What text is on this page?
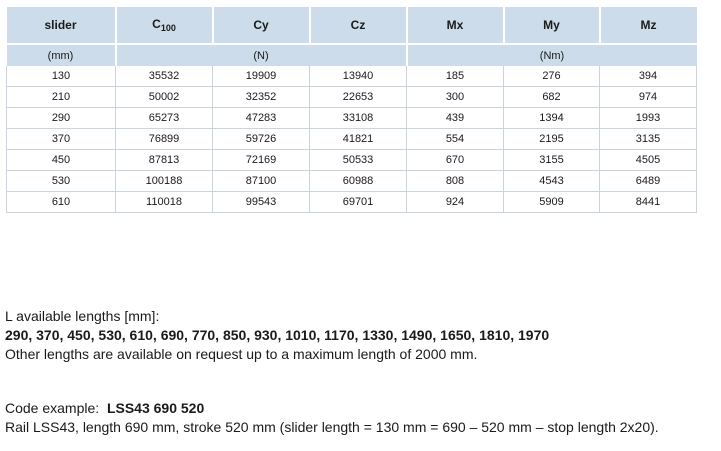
slider	$C_{100}$	Cy	Cz	Mx	My	Mz
(mm)	(N)			(Nm)		
130	35532	19909	13940	185	276	394
210	50002	32352	22653	300	682	974
290	65273	47283	33108	439	1394	1993
370	76899	59726	41821	554	2195	3135
450	87813	72169	50533	670	3155	4505
530	100188	87100	60988	808	4543	6489
610	110018	99543	69701	924	5909	8441
L available lengths [mm]:
290, 370, 450, 530, 610, 690, 770, 850, 930, 1010, 1170, 1330, 1490, 1650, 1810, 1970
Other lengths are available on request up to a maximum length of 2000 mm.
Code example: LSS43 690 520
Rail LSS43, length 690 mm, stroke 520 mm (slider length = 130 mm = 690 – 520 mm – stop length 2x20).
